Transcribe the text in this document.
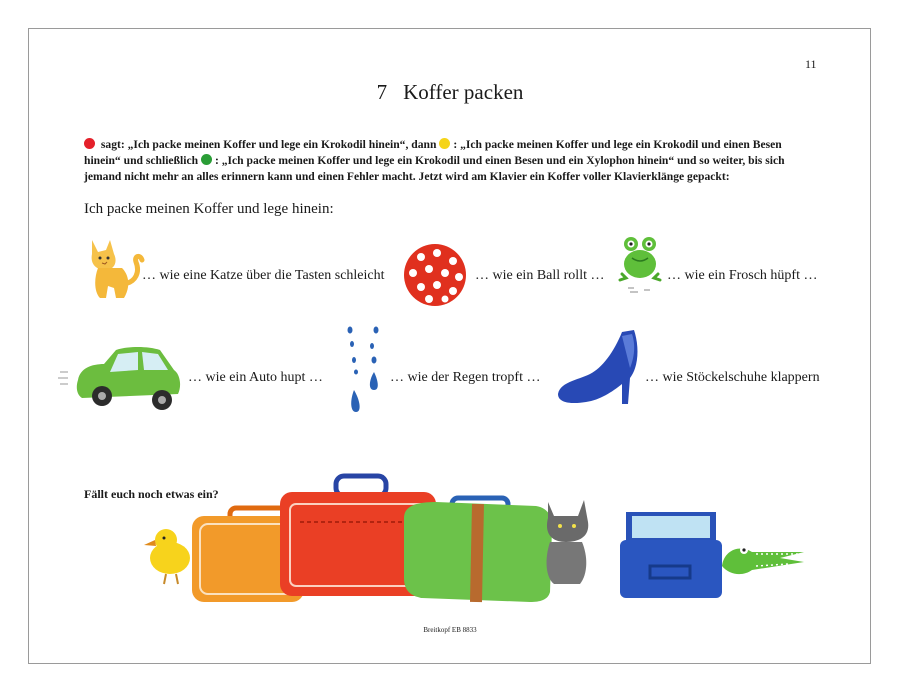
11
7 Koffer packen
sagt: „Ich packe meinen Koffer und lege ein Krokodil hinein“, dann : „Ich packe meinen Koffer und lege ein Krokodil und einen Besen hinein“ und schließlich : „Ich packe meinen Koffer und lege ein Krokodil und einen Besen und ein Xylophon hinein“ und so weiter, bis sich jemand nicht mehr an alles erinnern kann und einen Fehler macht. Jetzt wird am Klavier ein Koffer voller Klavierklänge gepackt:
Ich packe meinen Koffer und lege hinein:
… wie eine Katze über die Tasten schleicht	… wie ein Ball rollt …	… wie ein Frosch hüpft …
… wie ein Auto hupt …	… wie der Regen tropft …	… wie Stöckelschuhe klappern
Fällt euch noch etwas ein?
Breitkopf EB 8833
